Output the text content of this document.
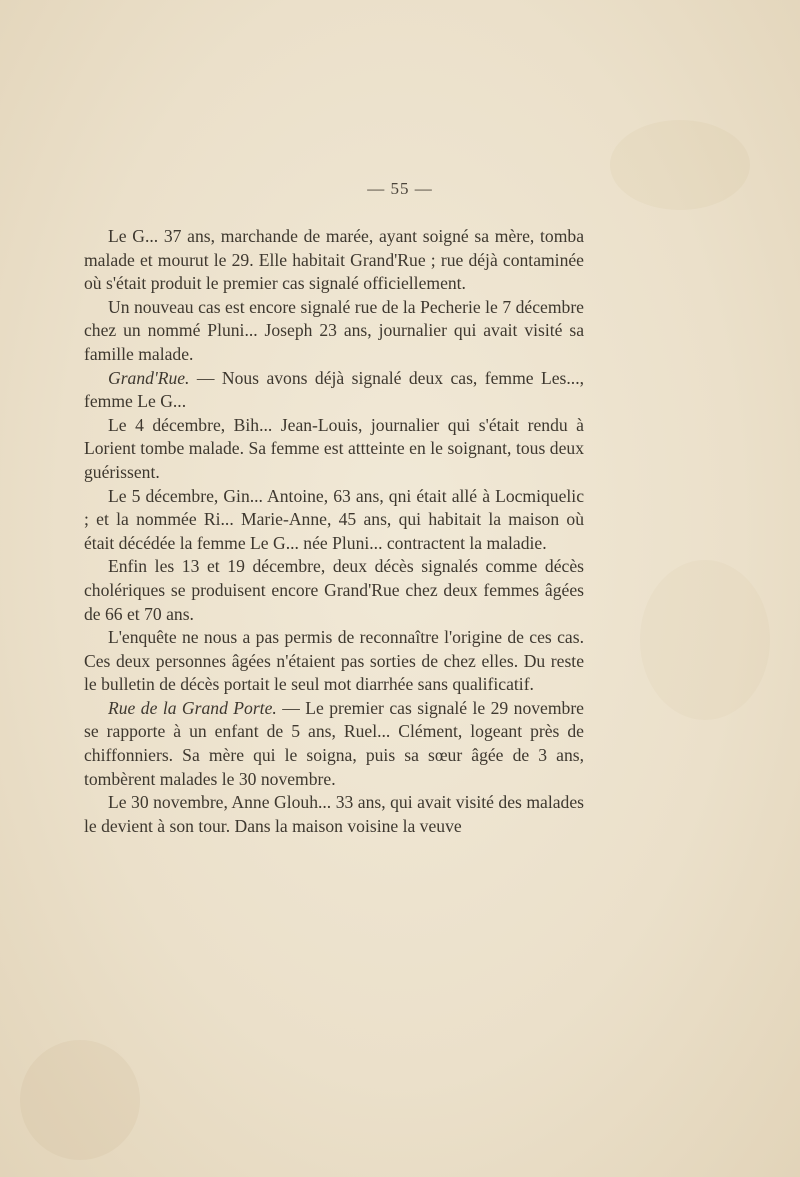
— 55 —

Le G... 37 ans, marchande de marée, ayant soigné sa mère, tomba malade et mourut le 29. Elle habitait Grand'Rue ; rue déjà contaminée où s'était produit le premier cas signalé officiellement.

Un nouveau cas est encore signalé rue de la Pecherie le 7 décembre chez un nommé Pluni... Joseph 23 ans, journalier qui avait visité sa famille malade.

Grand'Rue. — Nous avons déjà signalé deux cas, femme Les..., femme Le G...

Le 4 décembre, Bih... Jean-Louis, journalier qui s'était rendu à Lorient tombe malade. Sa femme est attteinte en le soignant, tous deux guérissent.

Le 5 décembre, Gin... Antoine, 63 ans, qni était allé à Locmiquelic ; et la nommée Ri... Marie-Anne, 45 ans, qui habitait la maison où était décédée la femme Le G... née Pluni... contractent la maladie.

Enfin les 13 et 19 décembre, deux décès signalés comme décès cholériques se produisent encore Grand'Rue chez deux femmes âgées de 66 et 70 ans.

L'enquête ne nous a pas permis de reconnaître l'origine de ces cas. Ces deux personnes âgées n'étaient pas sorties de chez elles. Du reste le bulletin de décès portait le seul mot diarrhée sans qualificatif.

Rue de la Grand Porte. — Le premier cas signalé le 29 novembre se rapporte à un enfant de 5 ans, Ruel... Clément, logeant près de chiffonniers. Sa mère qui le soigna, puis sa sœur âgée de 3 ans, tombèrent malades le 30 novembre.

Le 30 novembre, Anne Glouh... 33 ans, qui avait visité des malades le devient à son tour. Dans la maison voisine la veuve
